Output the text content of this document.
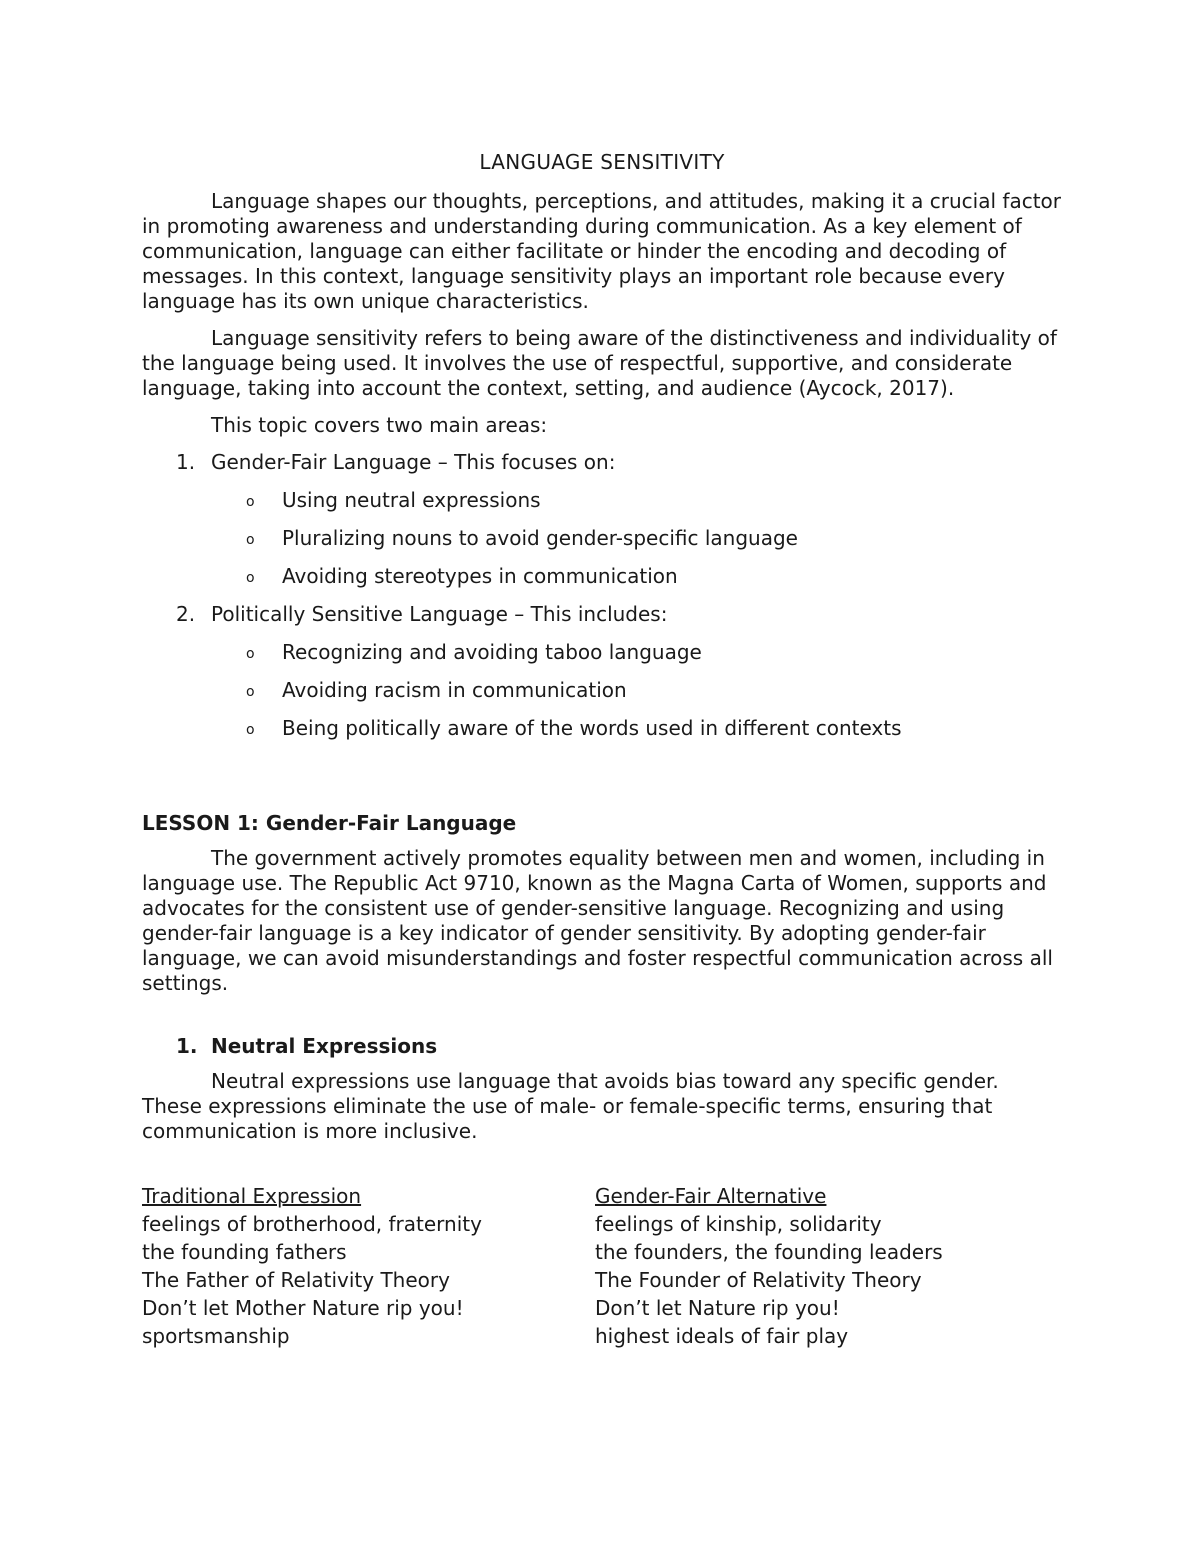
LANGUAGE SENSITIVITY

Language shapes our thoughts, perceptions, and attitudes, making it a crucial factor in promoting awareness and understanding during communication. As a key element of communication, language can either facilitate or hinder the encoding and decoding of messages. In this context, language sensitivity plays an important role because every language has its own unique characteristics.

Language sensitivity refers to being aware of the distinctiveness and individuality of the language being used. It involves the use of respectful, supportive, and considerate language, taking into account the context, setting, and audience (Aycock, 2017).

This topic covers two main areas:
1. Gender-Fair Language – This focuses on:
o Using neutral expressions
o Pluralizing nouns to avoid gender-specific language
o Avoiding stereotypes in communication
2. Politically Sensitive Language – This includes:
o Recognizing and avoiding taboo language
o Avoiding racism in communication
o Being politically aware of the words used in different contexts
LESSON 1: Gender-Fair Language

The government actively promotes equality between men and women, including in language use. The Republic Act 9710, known as the Magna Carta of Women, supports and advocates for the consistent use of gender-sensitive language. Recognizing and using gender-fair language is a key indicator of gender sensitivity. By adopting gender-fair language, we can avoid misunderstandings and foster respectful communication across all settings.

1. Neutral Expressions

Neutral expressions use language that avoids bias toward any specific gender. These expressions eliminate the use of male- or female-specific terms, ensuring that communication is more inclusive.

Traditional Expression	Gender-Fair Alternative
feelings of brotherhood, fraternity	feelings of kinship, solidarity
the founding fathers	the founders, the founding leaders
The Father of Relativity Theory	The Founder of Relativity Theory
Don’t let Mother Nature rip you!	Don’t let Nature rip you!
sportsmanship	highest ideals of fair play
